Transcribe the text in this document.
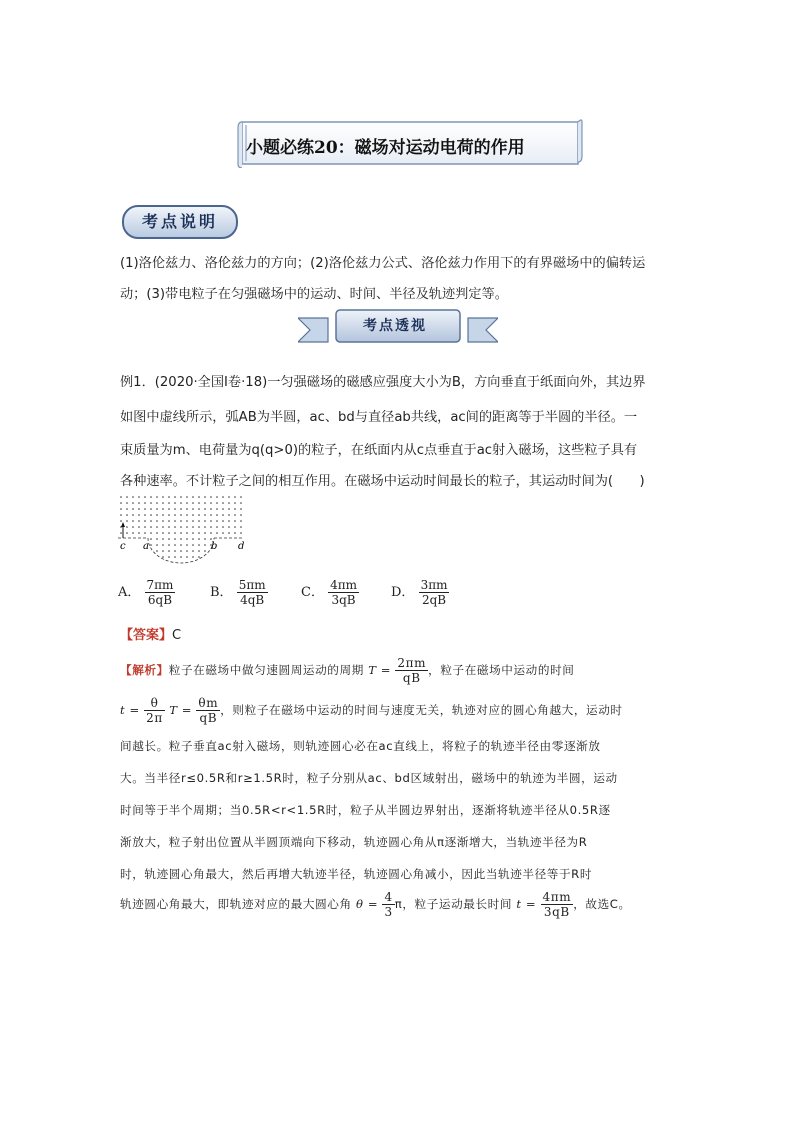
小题必练20：磁场对运动电荷的作用
考点说明
(1)洛伦兹力、洛伦兹力的方向；(2)洛伦兹力公式、洛伦兹力作用下的有界磁场中的偏转运
动；(3)带电粒子在匀强磁场中的运动、时间、半径及轨迹判定等。
考点透视
例1．(2020·全国Ⅰ卷·18)一匀强磁场的磁感应强度大小为B，方向垂直于纸面向外，其边界
如图中虚线所示，弧AB为半圆，ac、bd与直径ab共线，ac间的距离等于半圆的半径。一
束质量为m、电荷量为q(q>0)的粒子，在纸面内从c点垂直于ac射入磁场，这些粒子具有
各种速率。不计粒子之间的相互作用。在磁场中运动时间最长的粒子，其运动时间为(　　)
c a	b d
A． $\frac{7\pi m}{6qB}$	B． $\frac{5\pi m}{4qB}$	C． $\frac{4\pi m}{3qB}$ D． $\frac{3\pi m}{2qB}$
【答案】C
【解析】粒子在磁场中做匀速圆周运动的周期 $T = \frac{2\pi m}{qB}$ ，粒子在磁场中运动的时间
$t = \frac{\theta}{2\pi}$ $T = \frac{\theta m}{qB}$ ，则粒子在磁场中运动的时间与速度无关，轨迹对应的圆心角越大，运动时
间越长。粒子垂直ac射入磁场，则轨迹圆心必在ac直线上，将粒子的轨迹半径由零逐渐放
大。当半径r≤0.5R和r≥1.5R时，粒子分别从ac、bd区域射出，磁场中的轨迹为半圆，运动
时间等于半个周期；当0.5R<r<1.5R时，粒子从半圆边界射出，逐渐将轨迹半径从0.5R逐
渐放大，粒子射出位置从半圆顶端向下移动，轨迹圆心角从π逐渐增大，当轨迹半径为R
时，轨迹圆心角最大，然后再增大轨迹半径，轨迹圆心角减小，因此当轨迹半径等于R时
轨迹圆心角最大，即轨迹对应的最大圆心角 $\theta = \frac{4}{3}$ π，粒子运动最长时间 $t = \frac{4\pi m}{3qB}$ ，故选C。
